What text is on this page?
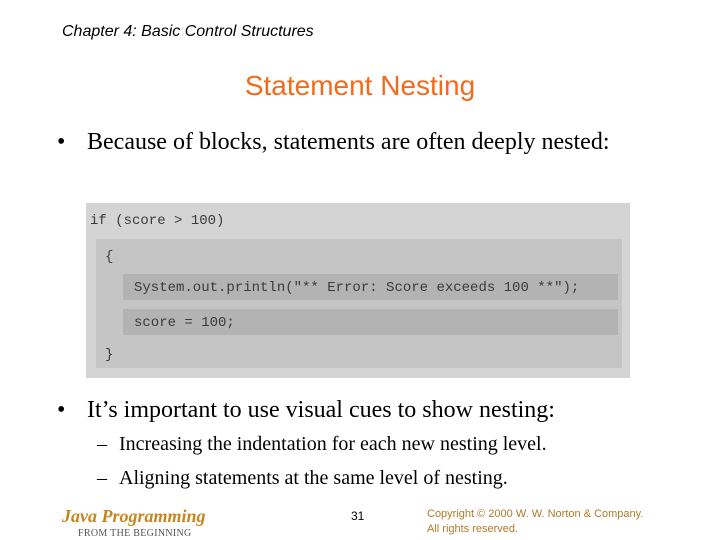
Chapter 4: Basic Control Structures
Statement Nesting
• Because of blocks, statements are often deeply nested:
if (score > 100)
{
System.out.println("** Error: Score exceeds 100 **");
score = 100;
}
• It’s important to use visual cues to show nesting:
– Increasing the indentation for each new nesting level.
– Aligning statements at the same level of nesting.
Java Programming
FROM THE BEGINNING
31	Copyright © 2000 W. W. Norton & Company.
All rights reserved.
